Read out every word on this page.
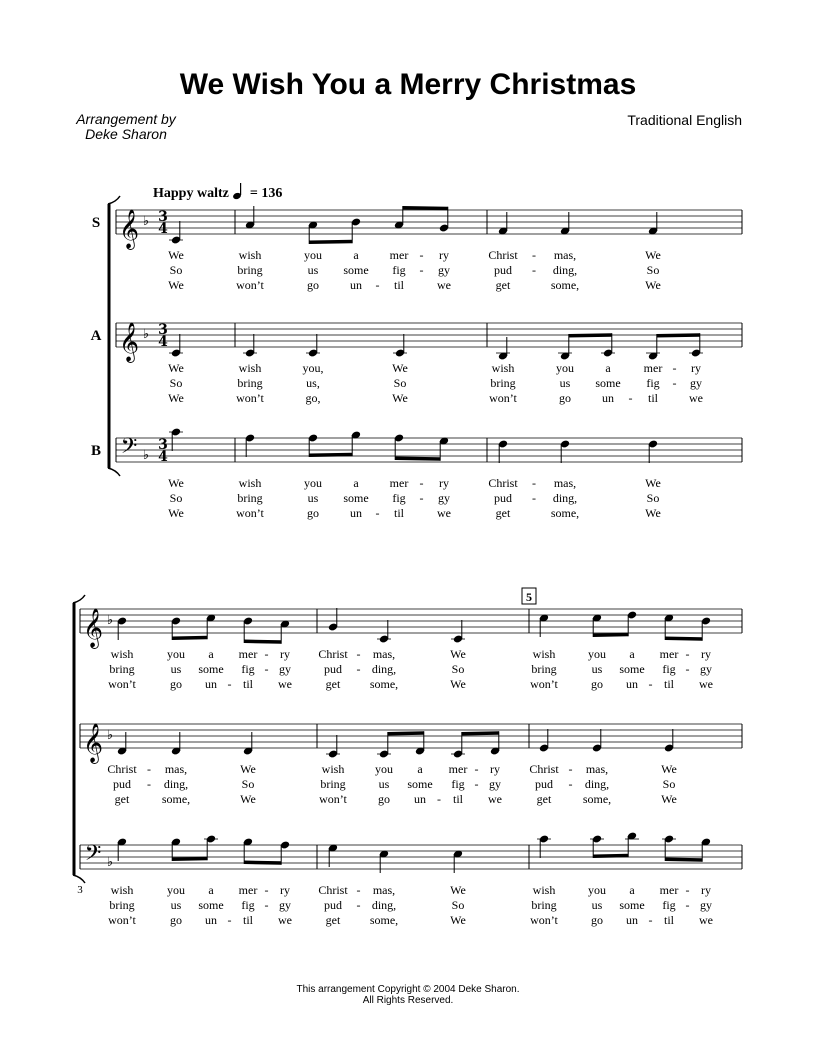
We Wish You a Merry Christmas
Arrangement by
Deke Sharon
Traditional English
Happy waltz = 136
𝄞 ♭ 3
4
We	wish	you	a	mer - ry	Christ - mas,	We
So	bring	us some fig - gy	pud - ding,	So
We	won’t	go	un - til	we	get	some,	We
S
𝄞 ♭ 3
4
We	wish	you,	We	wish	you	a	mer - ry
So	bring	us,	So	bring	us some fig - gy
We	won’t	go,	We	won’t	go	un - til	we
A
𝄢 ♭
3
4
We	wish	you	a	mer - ry	Christ - mas,	We
So	bring	us some fig - gy	pud - ding,	So
We	won’t	go	un - til	we	get	some,	We
B
𝄞 ♭
wish	you a mer - ry Christ - mas,	We	wish	you a mer - ry
bring	us some fig - gy	pud - ding,	So	bring	us some fig - gy
won’t	go un - til we	get some,	We	won’t	go un - til we
𝄞 ♭
Christ - mas,	We	wish	you a mer - ry Christ - mas,	We
pud - ding,	So	bring	us some fig - gy	pud - ding,	So
get	some,	We	won’t	go un - til we	get	some,	We
𝄢 ♭
wish	you a mer - ry Christ - mas,	We	wish	you a mer - ry
bring	us some fig - gy	pud - ding,	So	bring	us some fig - gy
won’t	go un - til we	get some,	We	won’t	go un - til we
5
3
This arrangement Copyright © 2004 Deke Sharon.
All Rights Reserved.
